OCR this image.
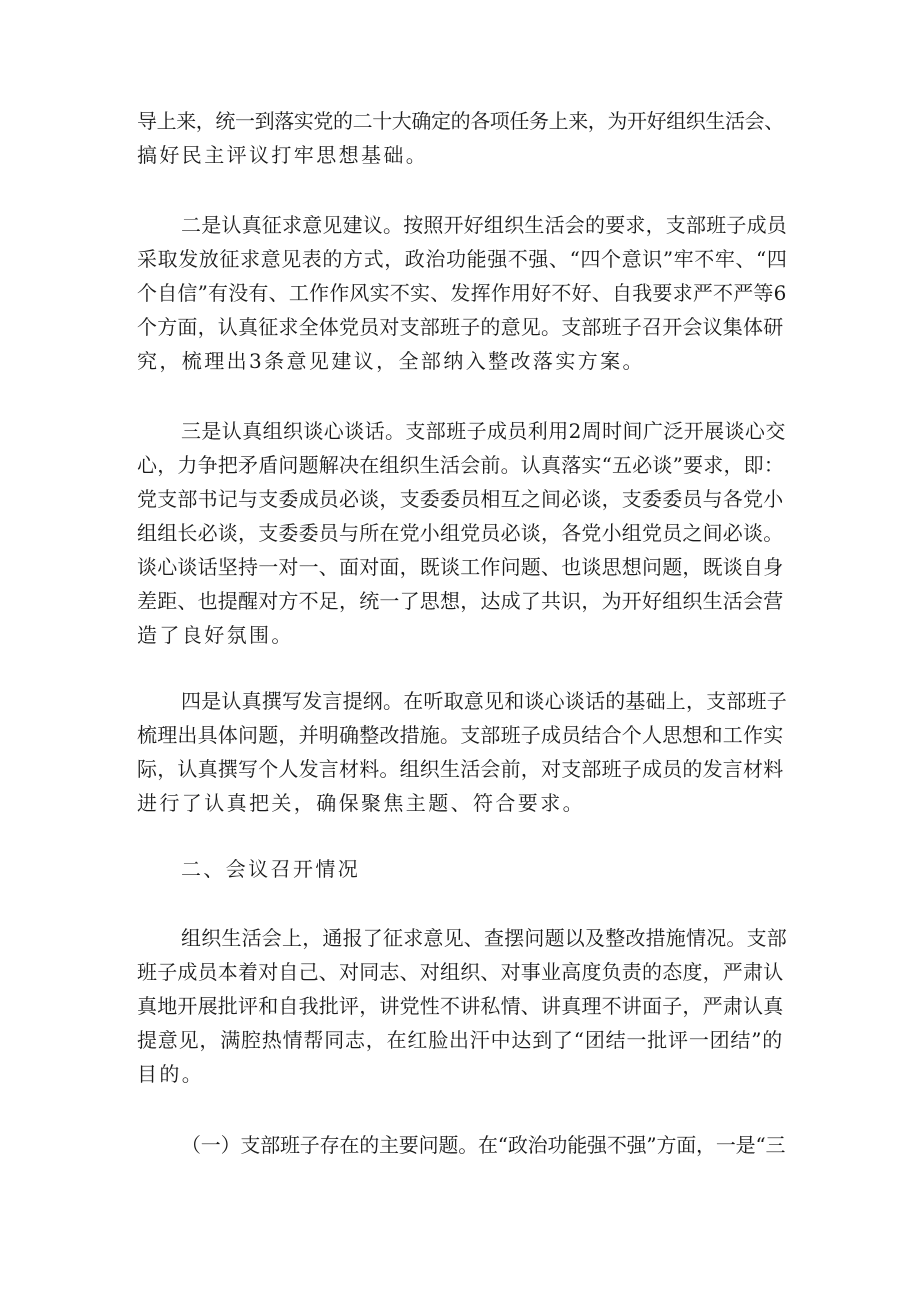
导上来，统一到落实党的二十大确定的各项任务上来，为开好组织生活会、
搞好民主评议打牢思想基础。
二是认真征求意见建议。按照开好组织生活会的要求，支部班子成员
采取发放征求意见表的方式，政治功能强不强、“四个意识”牢不牢、“四
个自信”有没有、工作作风实不实、发挥作用好不好、自我要求严不严等6
个方面，认真征求全体党员对支部班子的意见。支部班子召开会议集体研
究，梳理出3条意见建议，全部纳入整改落实方案。
三是认真组织谈心谈话。支部班子成员利用2周时间广泛开展谈心交
心，力争把矛盾问题解决在组织生活会前。认真落实“五必谈”要求，即：
党支部书记与支委成员必谈，支委委员相互之间必谈，支委委员与各党小
组组长必谈，支委委员与所在党小组党员必谈，各党小组党员之间必谈。
谈心谈话坚持一对一、面对面，既谈工作问题、也谈思想问题，既谈自身
差距、也提醒对方不足，统一了思想，达成了共识，为开好组织生活会营
造了良好氛围。
四是认真撰写发言提纲。在听取意见和谈心谈话的基础上，支部班子
梳理出具体问题，并明确整改措施。支部班子成员结合个人思想和工作实
际，认真撰写个人发言材料。组织生活会前，对支部班子成员的发言材料
进行了认真把关，确保聚焦主题、符合要求。
二、会议召开情况
组织生活会上，通报了征求意见、查摆问题以及整改措施情况。支部
班子成员本着对自己、对同志、对组织、对事业高度负责的态度，严肃认
真地开展批评和自我批评，讲党性不讲私情、讲真理不讲面子，严肃认真
提意见，满腔热情帮同志，在红脸出汗中达到了“团结一批评一团结”的
目的。
（一）支部班子存在的主要问题。在“政治功能强不强”方面，一是“三
